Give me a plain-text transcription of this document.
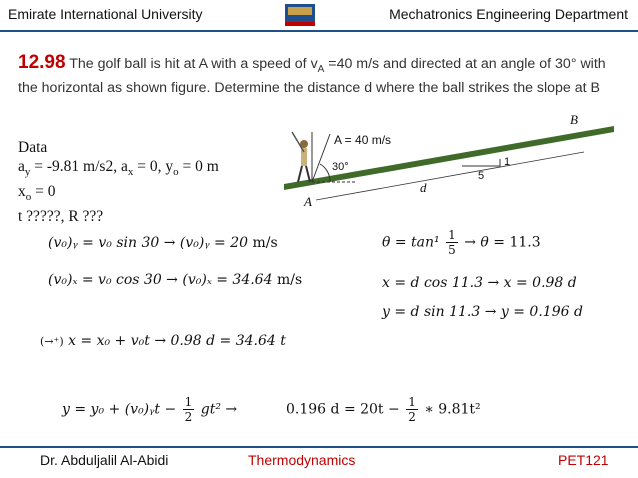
Emirate International University	Mechatronics Engineering Department
12.98 The golf ball is hit at A with a speed of $v_A =40$ m/s and directed at an angle of 30° with the horizontal as shown figure. Determine the distance d where the ball strikes the slope at B
Data
$a_y = -9.81$ m/s2, $a_x = 0$, $y_o = 0$ m
$x_o = 0$
t ?????, R ???
A = 40 m/s
30°
A
B
5
1
d
(v₀)ᵧ = v₀ sin 30 → (v₀)ᵧ = 20 m/s
(v₀)ₓ = v₀ cos 30 → (v₀)ₓ = 34.64 m/s
(→⁺) x = x₀ + v₀t → 0.98 d = 34.64 t
$\theta = \tan^1 \frac{1}{5} \to \theta = 11.3$
x = d cos 11.3 → x = 0.98 d
y = d sin 11.3 → y = 0.196 d
y = y₀ + (v₀)ᵧt − $\frac{1}{2} gt^2$ →	0.196 $d = 20t - \frac{1}{2}$ ∗ 9.81t²
Dr. Abduljalil Al-Abidi	Thermodynamics	PET121
